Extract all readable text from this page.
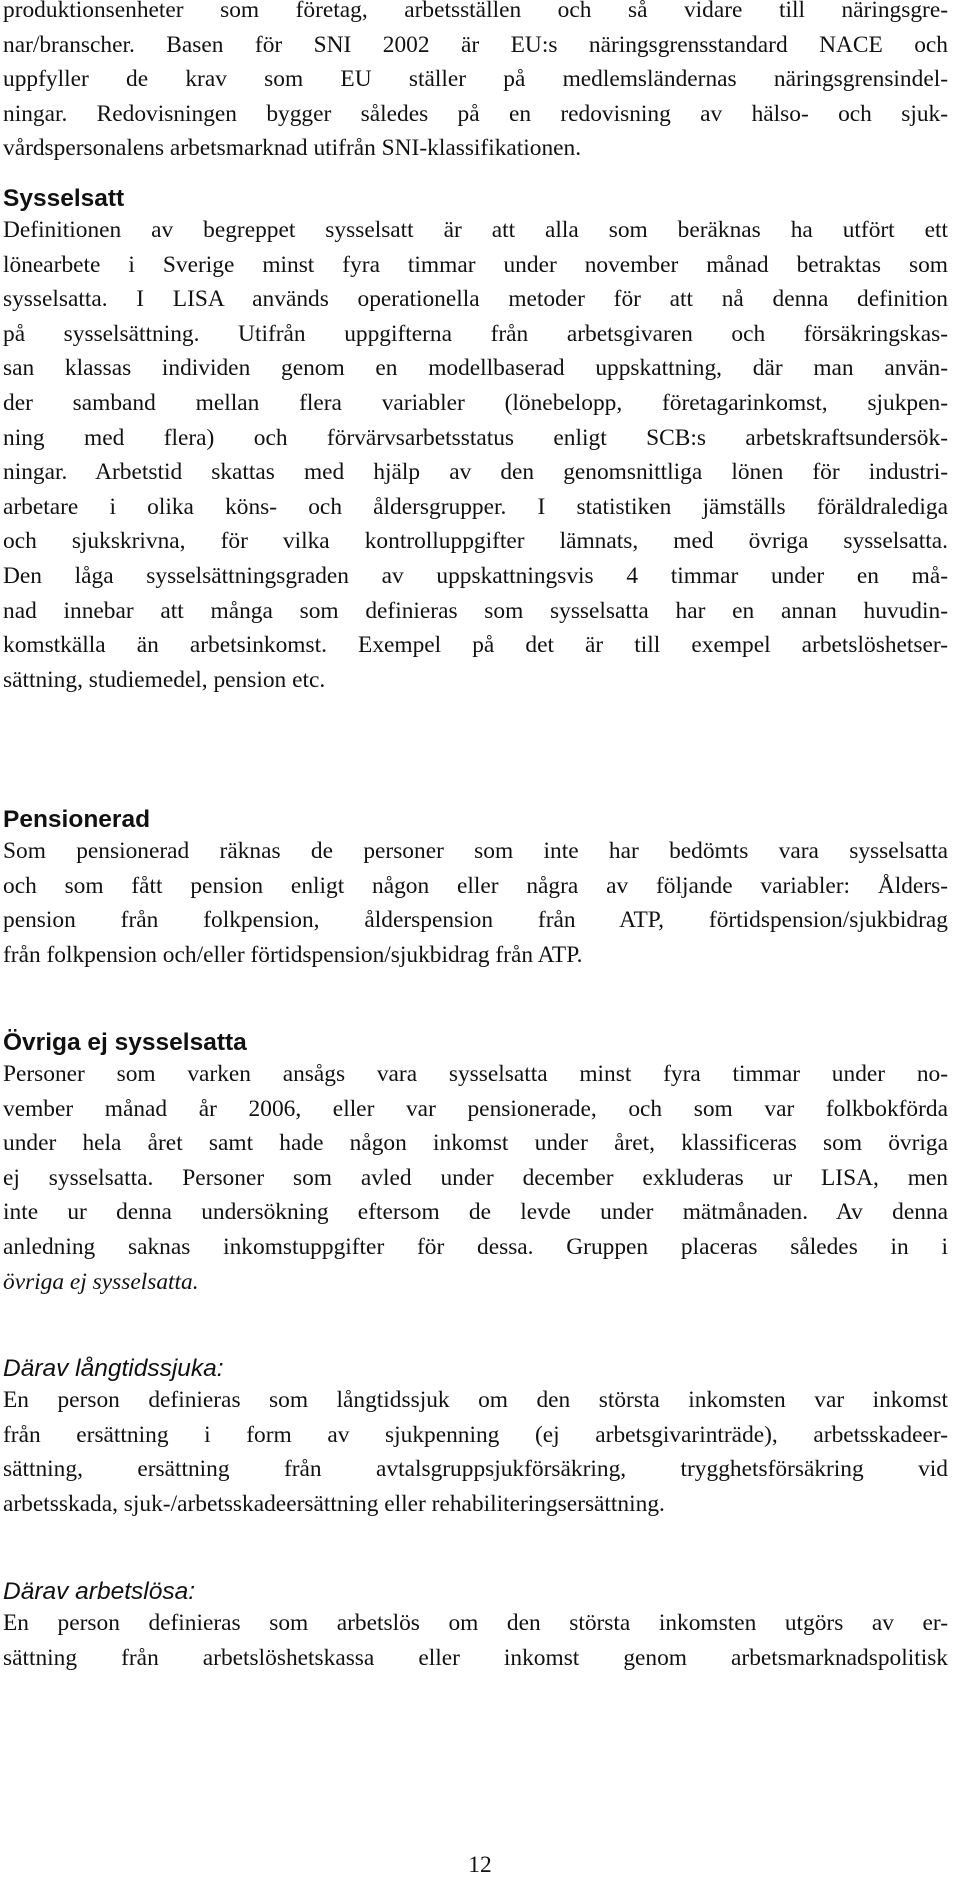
produktionsenheter som företag, arbetsställen och så vidare till näringsgre-
nar/branscher. Basen för SNI 2002 är EU:s näringsgrensstandard NACE och
uppfyller de krav som EU ställer på medlemsländernas näringsgrensindel-
ningar. Redovisningen bygger således på en redovisning av hälso- och sjuk-
vårdspersonalens arbetsmarknad utifrån SNI-klassifikationen.
Sysselsatt
Definitionen av begreppet sysselsatt är att alla som beräknas ha utfört ett
lönearbete i Sverige minst fyra timmar under november månad betraktas som
sysselsatta. I LISA används operationella metoder för att nå denna definition
på sysselsättning. Utifrån uppgifterna från arbetsgivaren och försäkringskas-
san klassas individen genom en modellbaserad uppskattning, där man använ-
der samband mellan flera variabler (lönebelopp, företagarinkomst, sjukpen-
ning med flera) och förvärvsarbetsstatus enligt SCB:s arbetskraftsundersök-
ningar. Arbetstid skattas med hjälp av den genomsnittliga lönen för industri-
arbetare i olika köns- och åldersgrupper. I statistiken jämställs föräldralediga
och sjukskrivna, för vilka kontrolluppgifter lämnats, med övriga sysselsatta.
Den låga sysselsättningsgraden av uppskattningsvis 4 timmar under en må-
nad innebar att många som definieras som sysselsatta har en annan huvudin-
komstkälla än arbetsinkomst. Exempel på det är till exempel arbetslöshetser-
sättning, studiemedel, pension etc.
Pensionerad
Som pensionerad räknas de personer som inte har bedömts vara sysselsatta
och som fått pension enligt någon eller några av följande variabler: Ålders-
pension från folkpension, ålderspension från ATP, förtidspension/sjukbidrag
från folkpension och/eller förtidspension/sjukbidrag från ATP.
Övriga ej sysselsatta
Personer som varken ansågs vara sysselsatta minst fyra timmar under no-
vember månad år 2006, eller var pensionerade, och som var folkbokförda
under hela året samt hade någon inkomst under året, klassificeras som övriga
ej sysselsatta. Personer som avled under december exkluderas ur LISA, men
inte ur denna undersökning eftersom de levde under mätmånaden. Av denna
anledning saknas inkomstuppgifter för dessa. Gruppen placeras således in i
övriga ej sysselsatta.
Därav långtidssjuka:
En person definieras som långtidssjuk om den största inkomsten var inkomst
från ersättning i form av sjukpenning (ej arbetsgivarinträde), arbetsskadeer-
sättning, ersättning från avtalsgruppsjukförsäkring, trygghetsförsäkring vid
arbetsskada, sjuk-/arbetsskadeersättning eller rehabiliteringsersättning.
Därav arbetslösa:
En person definieras som arbetslös om den största inkomsten utgörs av er-
sättning från arbetslöshetskassa eller inkomst genom arbetsmarknadspolitisk
12
